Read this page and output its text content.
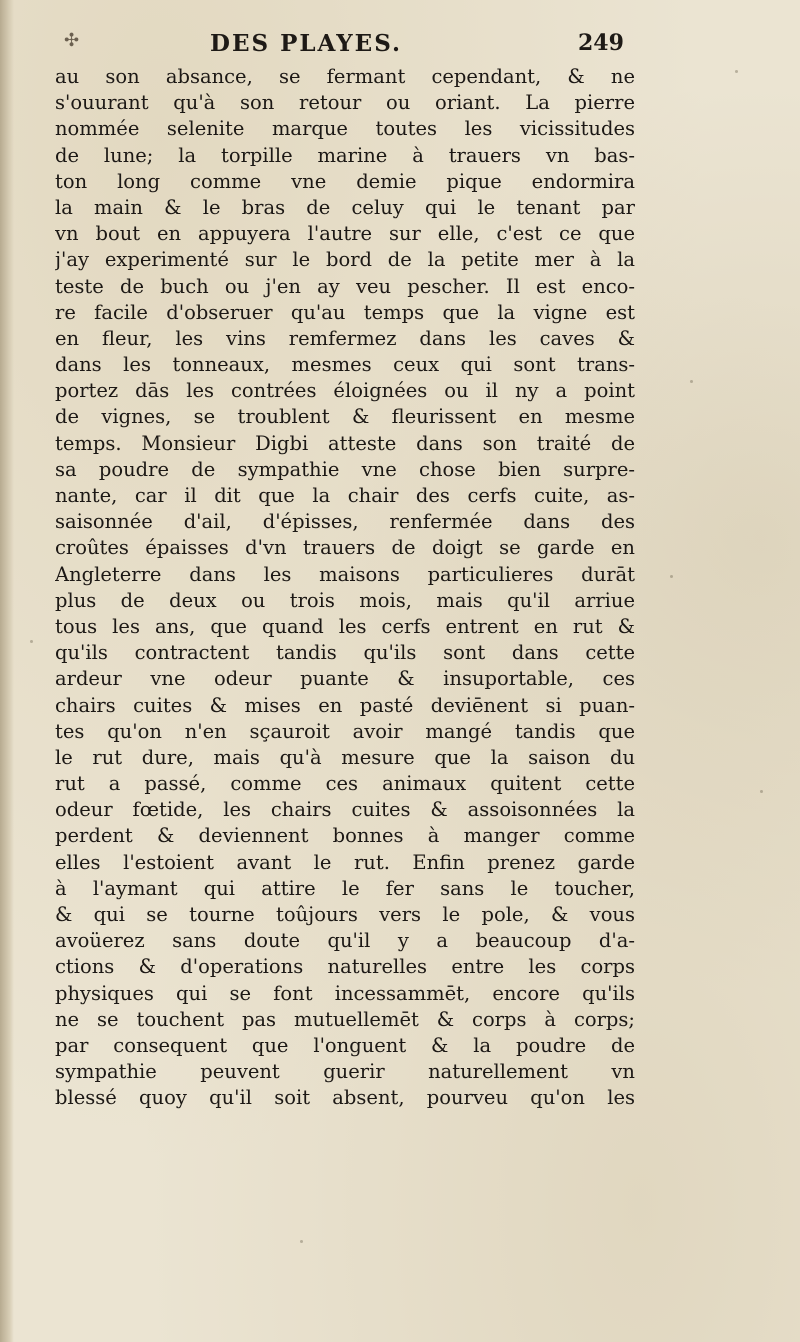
✣	DES PLAYES.	249
au son absance, se fermant cependant, & ne
s'ouurant qu'à son retour ou oriant. La pierre
nommée selenite marque toutes les vicissitudes
de lune; la torpille marine à trauers vn bas-
ton long comme vne demie pique endormira
la main & le bras de celuy qui le tenant par
vn bout en appuyera l'autre sur elle, c'est ce que
j'ay experimenté sur le bord de la petite mer à la
teste de buch ou j'en ay veu pescher. Il est enco-
re facile d'obseruer qu'au temps que la vigne est
en fleur, les vins remfermez dans les caves &
dans les tonneaux, mesmes ceux qui sont trans-
portez dās les contrées éloignées ou il ny a point
de vignes, se troublent & fleurissent en mesme
temps. Monsieur Digbi atteste dans son traité de
sa poudre de sympathie vne chose bien surpre-
nante, car il dit que la chair des cerfs cuite, as-
saisonnée d'ail, d'épisses, renfermée dans des
croûtes épaisses d'vn trauers de doigt se garde en
Angleterre dans les maisons particulieres durāt
plus de deux ou trois mois, mais qu'il arriue
tous les ans, que quand les cerfs entrent en rut &
qu'ils contractent tandis qu'ils sont dans cette
ardeur vne odeur puante & insuportable, ces
chairs cuites & mises en pasté deviēnent si puan-
tes qu'on n'en sçauroit avoir mangé tandis que
le rut dure, mais qu'à mesure que la saison du
rut a passé, comme ces animaux quitent cette
odeur fœtide, les chairs cuites & assoisonnées la
perdent & deviennent bonnes à manger comme
elles l'estoient avant le rut. Enfin prenez garde
à l'aymant qui attire le fer sans le toucher,
& qui se tourne toûjours vers le pole, & vous
avoüerez sans doute qu'il y a beaucoup d'a-
ctions & d'operations naturelles entre les corps
physiques qui se font incessammēt, encore qu'ils
ne se touchent pas mutuellemēt & corps à corps;
par consequent que l'onguent & la poudre de
sympathie peuvent guerir naturellement vn
blessé quoy qu'il soit absent, pourveu qu'on les
